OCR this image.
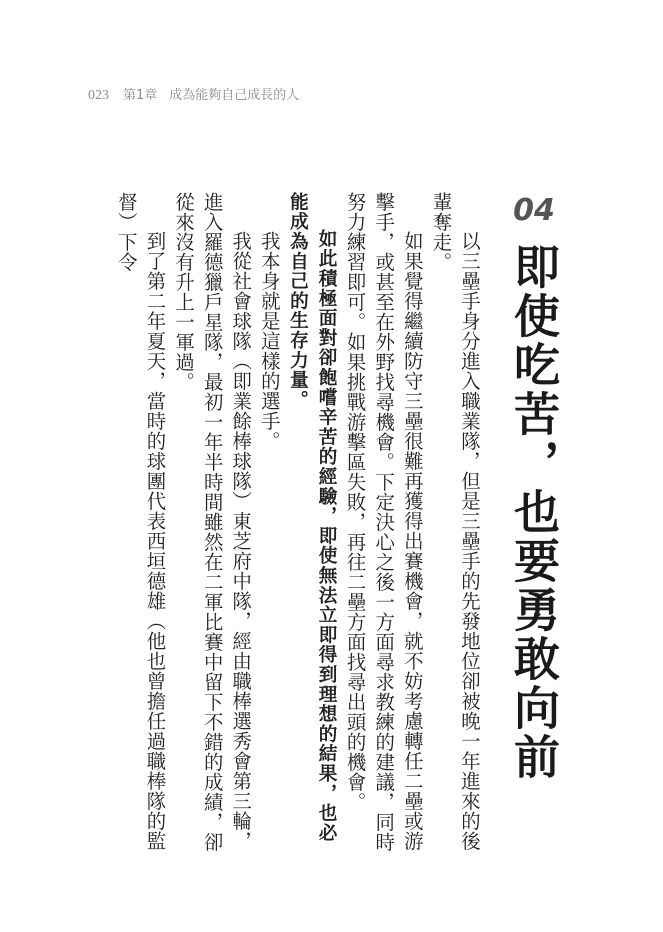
023 第1章 成為能夠自己成長的人
04
即使吃苦，也要勇敢向前

以三壘手身分進入職業隊，但是三壘手的先發地位卻被晚一年進來的後輩奪走。

如果覺得繼續防守三壘很難再獲得出賽機會，就不妨考慮轉任二壘或游擊手，或甚至在外野找尋機會。下定決心之後一方面尋求教練的建議，同時努力練習即可。如果挑戰游擊區失敗，再往二壘方面找尋出頭的機會。

如此積極面對卻飽嚐辛苦的經驗，即使無法立即得到理想的結果，也必能成為自己的生存力量。

我本身就是這樣的選手。

我從社會球隊（即業餘棒球隊）東芝府中隊，經由職棒選秀會第三輪，進入羅德獵戶星隊，最初一年半時間雖然在二軍比賽中留下不錯的成績，卻從來沒有升上一軍過。

到了第二年夏天，當時的球團代表西垣德雄（他也曾擔任過職棒隊的監督）下令
